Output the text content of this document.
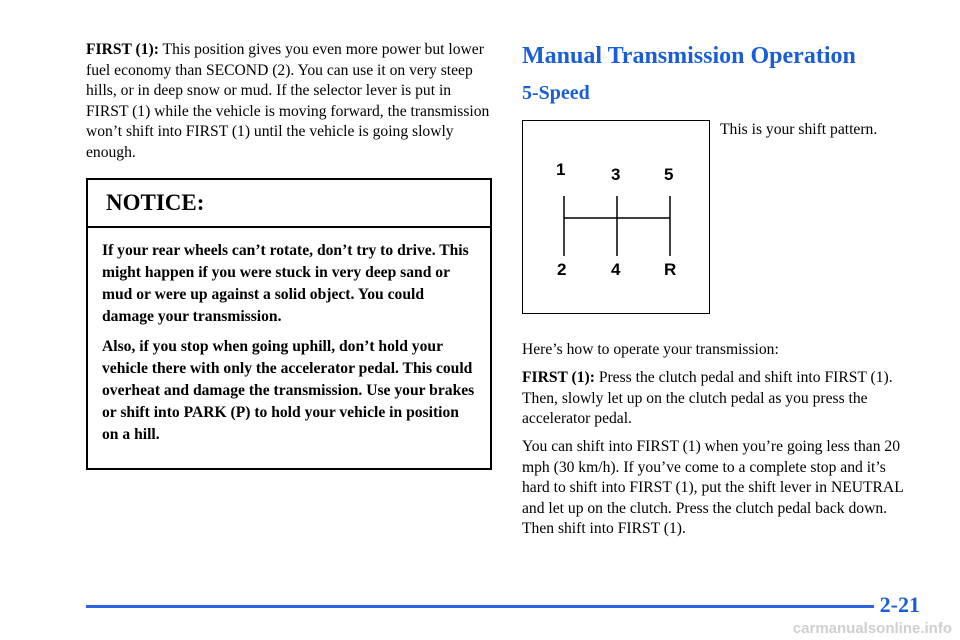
FIRST (1): This position gives you even more power but lower fuel economy than SECOND (2). You can use it on very steep hills, or in deep snow or mud. If the selector lever is put in FIRST (1) while the vehicle is moving forward, the transmission won’t shift into FIRST (1) until the vehicle is going slowly enough.

NOTICE:

If your rear wheels can’t rotate, don’t try to drive. This might happen if you were stuck in very deep sand or mud or were up against a solid object. You could damage your transmission.

Also, if you stop when going uphill, don’t hold your vehicle there with only the accelerator pedal. This could overheat and damage the transmission. Use your brakes or shift into PARK (P) to hold your vehicle in position on a hill.

Manual Transmission Operation
5-Speed
1	3	5
2	4	R

This is your shift pattern.

Here’s how to operate your transmission:

FIRST (1): Press the clutch pedal and shift into FIRST (1). Then, slowly let up on the clutch pedal as you press the accelerator pedal.

You can shift into FIRST (1) when you’re going less than 20 mph (30 km/h). If you’ve come to a complete stop and it’s hard to shift into FIRST (1), put the shift lever in NEUTRAL and let up on the clutch. Press the clutch pedal back down. Then shift into FIRST (1).

2-21
carmanualsonline.info
